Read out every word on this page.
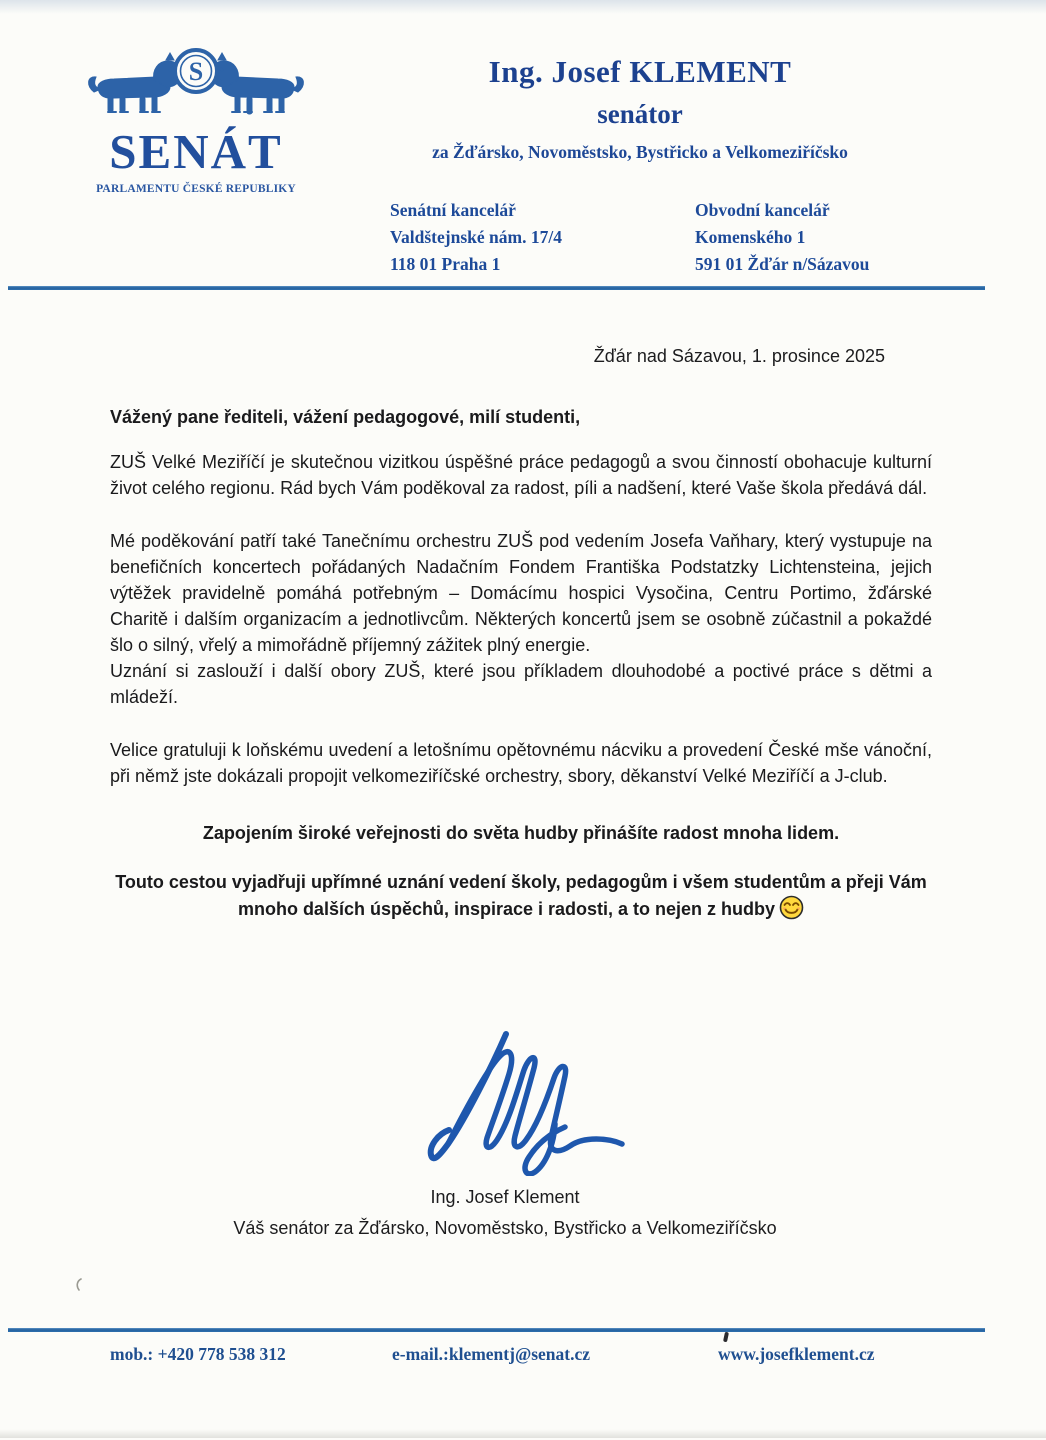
S
SENÁT
PARLAMENTU ČESKÉ REPUBLIKY
Ing. Josef KLEMENT
senátor
za Žďársko, Novoměstsko, Bystřicko a Velkomeziříčsko
Senátní kancelář
Valdštejnské nám. 17/4
118 01 Praha 1
Obvodní kancelář
Komenského 1
591 01 Žďár n/Sázavou
Žďár nad Sázavou, 1. prosince 2025

Vážený pane řediteli, vážení pedagogové, milí studenti,

ZUŠ Velké Meziříčí je skutečnou vizitkou úspěšné práce pedagogů a svou činností obohacuje kulturní život celého regionu. Rád bych Vám poděkoval za radost, píli a nadšení, které Vaše škola předává dál.

Mé poděkování patří také Tanečnímu orchestru ZUŠ pod vedením Josefa Vaňhary, který vystupuje na benefičních koncertech pořádaných Nadačním Fondem Františka Podstatzky Lichtensteina, jejich výtěžek pravidelně pomáhá potřebným – Domácímu hospici Vysočina, Centru Portimo, žďárské Charitě i dalším organizacím a jednotlivcům. Některých koncertů jsem se osobně zúčastnil a pokaždé šlo o silný, vřelý a mimořádně příjemný zážitek plný energie.

Uznání si zaslouží i další obory ZUŠ, které jsou příkladem dlouhodobé a poctivé práce s dětmi a mládeží.

Velice gratuluji k loňskému uvedení a letošnímu opětovnému nácviku a provedení České mše vánoční, při němž jste dokázali propojit velkomeziříčské orchestry, sbory, děkanství Velké Meziříčí a J-club.

Zapojením široké veřejnosti do světa hudby přinášíte radost mnoha lidem.

Touto cestou vyjadřuji upřímné uznání vedení školy, pedagogům i všem studentům a přeji Vám mnoho dalších úspěchů, inspirace i radosti, a to nejen z hudby

Ing. Josef Klement
Váš senátor za Žďársko, Novoměstsko, Bystřicko a Velkomeziříčsko
mob.: +420 778 538 312	e-mail.:klementj@senat.cz	www.josefklement.cz
